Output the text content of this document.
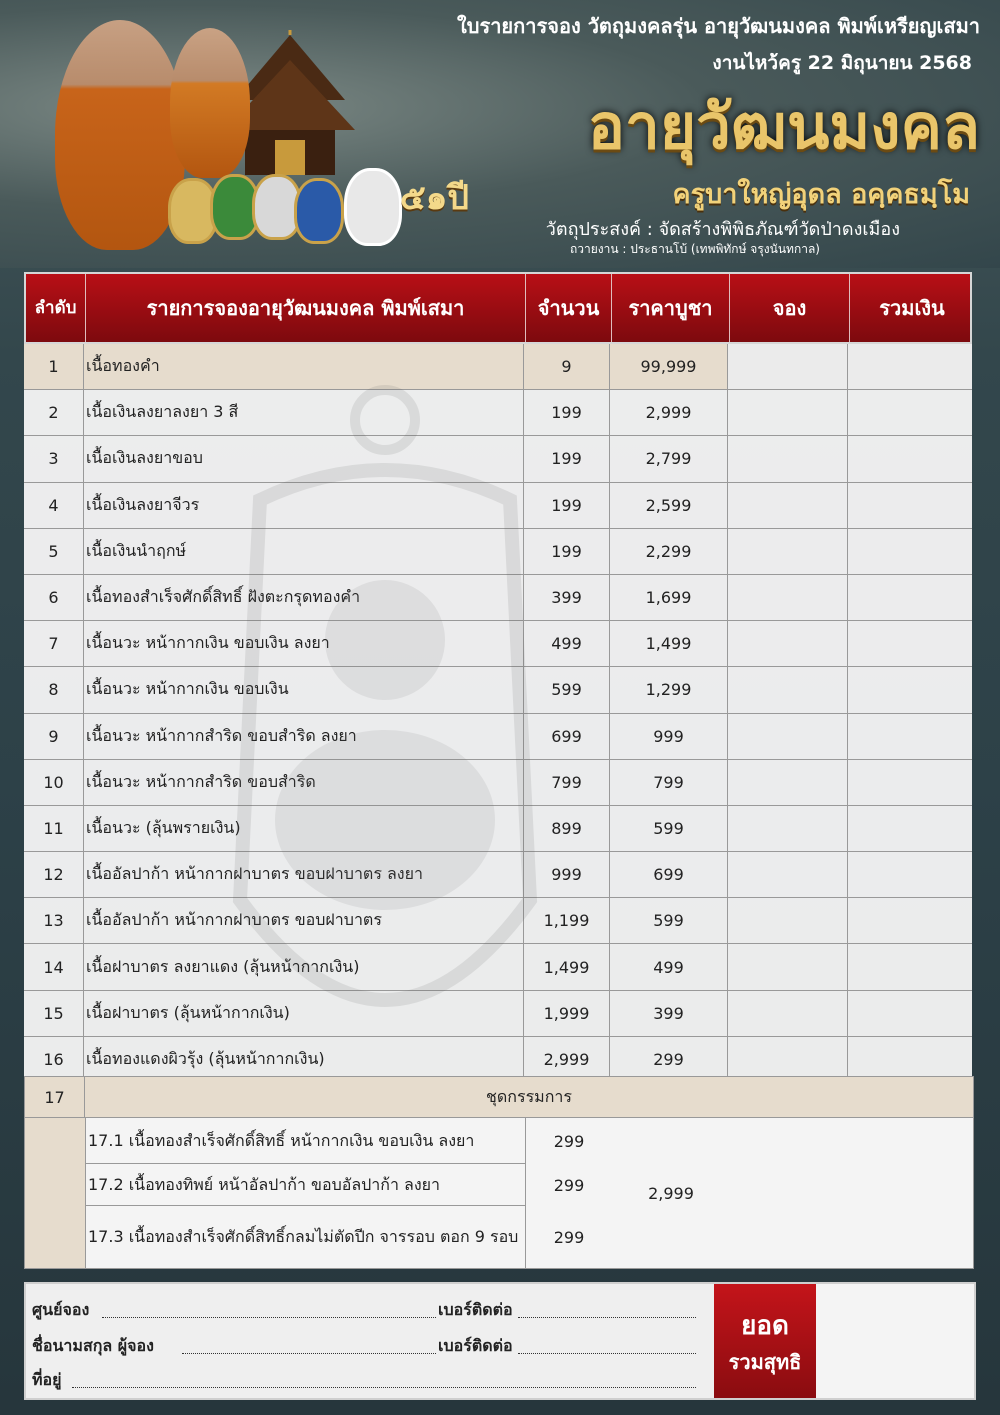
ใบรายการจอง วัตถุมงคลรุ่น อายุวัฒนมงคล พิมพ์เหรียญเสมา
งานไหว้ครู 22 มิถุนายน 2568
อายุวัฒนมงคล
๕๑ปี	ครูบาใหญ่อุดล อคฺคธมฺโม
วัตถุประสงค์ : จัดสร้างพิพิธภัณฑ์วัดป่าดงเมือง
ถวายงาน : ประธานโบ้ (เทพพิทักษ์ จรุงนันทกาล)
ลำดับ	รายการจองอายุวัฒนมงคล พิมพ์เสมา	จำนวน	ราคาบูชา	จอง	รวมเงิน
1	เนื้อทองคำ	9	99,999
2	เนื้อเงินลงยาลงยา 3 สี	199	2,999
3	เนื้อเงินลงยาขอบ	199	2,799
4	เนื้อเงินลงยาจีวร	199	2,599
5	เนื้อเงินนำฤกษ์	199	2,299
6	เนื้อทองสำเร็จศักดิ์สิทธิ์ ฝังตะกรุดทองคำ	399	1,699
7	เนื้อนวะ หน้ากากเงิน ขอบเงิน ลงยา	499	1,499
8	เนื้อนวะ หน้ากากเงิน ขอบเงิน	599	1,299
9	เนื้อนวะ หน้ากากสำริด ขอบสำริด ลงยา	699	999
10	เนื้อนวะ หน้ากากสำริด ขอบสำริด	799	799
11	เนื้อนวะ (ลุ้นพรายเงิน)	899	599
12	เนื้ออัลปาก้า หน้ากากฝาบาตร ขอบฝาบาตร ลงยา	999	699
13	เนื้ออัลปาก้า หน้ากากฝาบาตร ขอบฝาบาตร	1,199	599
14	เนื้อฝาบาตร ลงยาแดง (ลุ้นหน้ากากเงิน)	1,499	499
15	เนื้อฝาบาตร (ลุ้นหน้ากากเงิน)	1,999	399
16	เนื้อทองแดงผิวรุ้ง (ลุ้นหน้ากากเงิน)	2,999	299
17	ชุดกรรมการ
17.1 เนื้อทองสำเร็จศักดิ์สิทธิ์ หน้ากากเงิน ขอบเงิน ลงยา	299
17.2 เนื้อทองทิพย์ หน้าอัลปาก้า ขอบอัลปาก้า ลงยา	299
17.3 เนื้อทองสำเร็จศักดิ์สิทธิ์กลมไม่ตัดปีก จารรอบ ตอก 9 รอบ	299
2,999
ศูนย์จอง	เบอร์ติดต่อ
ชื่อนามสกุล ผู้จอง	เบอร์ติดต่อ
ที่อยู่
ยอด
รวมสุทธิ
